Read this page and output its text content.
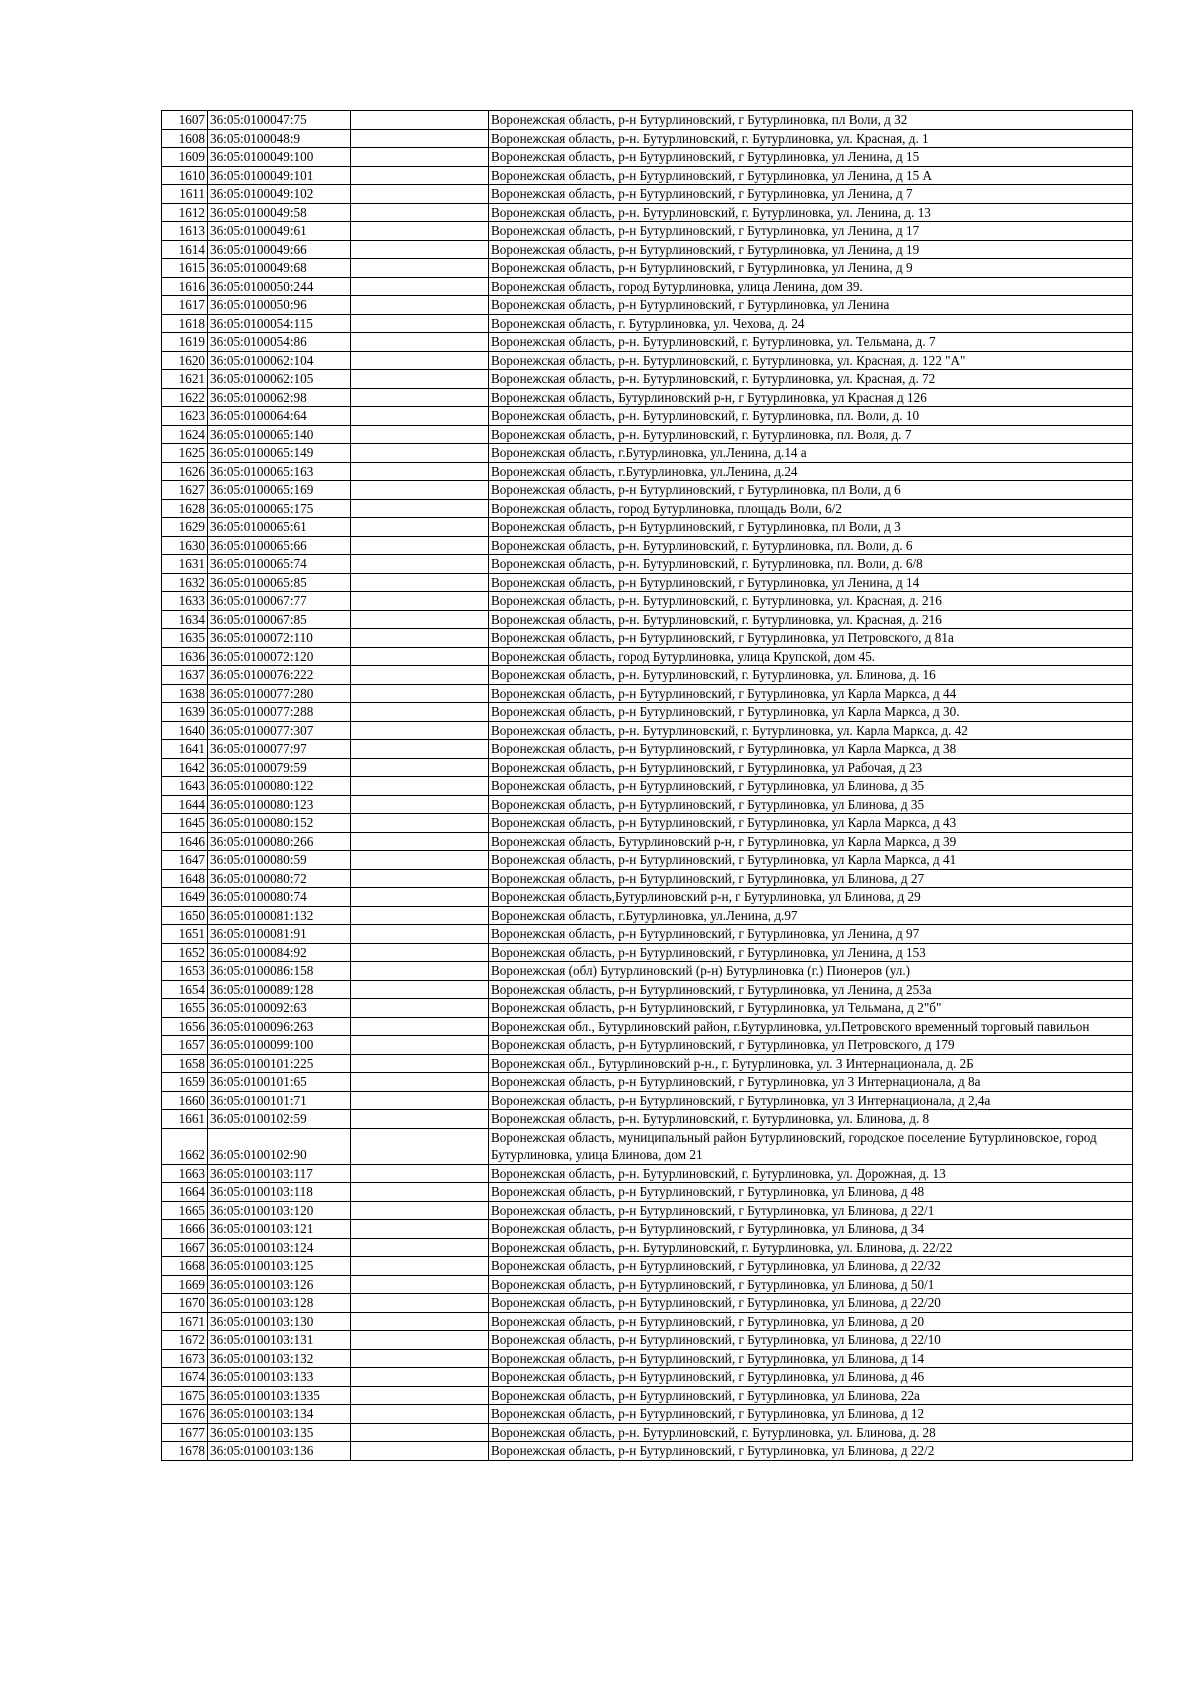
1607	36:05:0100047:75		Воронежская область, р-н Бутурлиновский, г Бутурлиновка, пл Воли, д 32
1608	36:05:0100048:9		Воронежская область, р-н. Бутурлиновский, г. Бутурлиновка, ул. Красная, д. 1
1609	36:05:0100049:100		Воронежская область, р-н Бутурлиновский, г Бутурлиновка, ул Ленина, д 15
1610	36:05:0100049:101		Воронежская область, р-н Бутурлиновский, г Бутурлиновка, ул Ленина, д 15 А
1611	36:05:0100049:102		Воронежская область, р-н Бутурлиновский, г Бутурлиновка, ул Ленина, д 7
1612	36:05:0100049:58		Воронежская область, р-н. Бутурлиновский, г. Бутурлиновка, ул. Ленина, д. 13
1613	36:05:0100049:61		Воронежская область, р-н Бутурлиновский, г Бутурлиновка, ул Ленина, д 17
1614	36:05:0100049:66		Воронежская область, р-н Бутурлиновский, г Бутурлиновка, ул Ленина, д 19
1615	36:05:0100049:68		Воронежская область, р-н Бутурлиновский, г Бутурлиновка, ул Ленина, д 9
1616	36:05:0100050:244		Воронежская область, город Бутурлиновка, улица Ленина, дом 39.
1617	36:05:0100050:96		Воронежская область, р-н Бутурлиновский, г Бутурлиновка, ул Ленина
1618	36:05:0100054:115		Воронежская область, г. Бутурлиновка, ул. Чехова, д. 24
1619	36:05:0100054:86		Воронежская область, р-н. Бутурлиновский, г. Бутурлиновка, ул. Тельмана, д. 7
1620	36:05:0100062:104		Воронежская область, р-н. Бутурлиновский, г. Бутурлиновка, ул. Красная, д. 122 "А"
1621	36:05:0100062:105		Воронежская область, р-н. Бутурлиновский, г. Бутурлиновка, ул. Красная, д. 72
1622	36:05:0100062:98		Воронежская область, Бутурлиновский р-н, г Бутурлиновка, ул Красная д 126
1623	36:05:0100064:64		Воронежская область, р-н. Бутурлиновский, г. Бутурлиновка, пл. Воли, д. 10
1624	36:05:0100065:140		Воронежская область, р-н. Бутурлиновский, г. Бутурлиновка, пл. Воля, д. 7
1625	36:05:0100065:149		Воронежская область, г.Бутурлиновка, ул.Ленина, д.14 а
1626	36:05:0100065:163		Воронежская область, г.Бутурлиновка, ул.Ленина, д.24
1627	36:05:0100065:169		Воронежская область, р-н Бутурлиновский, г Бутурлиновка, пл Воли, д 6
1628	36:05:0100065:175		Воронежская область, город Бутурлиновка, площадь Воли, 6/2
1629	36:05:0100065:61		Воронежская область, р-н Бутурлиновский, г Бутурлиновка, пл Воли, д 3
1630	36:05:0100065:66		Воронежская область, р-н. Бутурлиновский, г. Бутурлиновка, пл. Воли, д. 6
1631	36:05:0100065:74		Воронежская область, р-н. Бутурлиновский, г. Бутурлиновка, пл. Воли, д. 6/8
1632	36:05:0100065:85		Воронежская область, р-н Бутурлиновский, г Бутурлиновка, ул Ленина, д 14
1633	36:05:0100067:77		Воронежская область, р-н. Бутурлиновский, г. Бутурлиновка, ул. Красная, д. 216
1634	36:05:0100067:85		Воронежская область, р-н. Бутурлиновский, г. Бутурлиновка, ул. Красная, д. 216
1635	36:05:0100072:110		Воронежская область, р-н Бутурлиновский, г Бутурлиновка, ул Петровского, д 81а
1636	36:05:0100072:120		Воронежская область, город Бутурлиновка, улица Крупской, дом 45.
1637	36:05:0100076:222		Воронежская область, р-н. Бутурлиновский, г. Бутурлиновка, ул. Блинова, д. 16
1638	36:05:0100077:280		Воронежская область, р-н Бутурлиновский, г Бутурлиновка, ул Карла Маркса, д 44
1639	36:05:0100077:288		Воронежская область, р-н Бутурлиновский, г Бутурлиновка, ул Карла Маркса, д 30.
1640	36:05:0100077:307		Воронежская область, р-н. Бутурлиновский, г. Бутурлиновка, ул. Карла Маркса, д. 42
1641	36:05:0100077:97		Воронежская область, р-н Бутурлиновский, г Бутурлиновка, ул Карла Маркса, д 38
1642	36:05:0100079:59		Воронежская область, р-н Бутурлиновский, г Бутурлиновка, ул Рабочая, д 23
1643	36:05:0100080:122		Воронежская область, р-н Бутурлиновский, г Бутурлиновка, ул Блинова, д 35
1644	36:05:0100080:123		Воронежская область, р-н Бутурлиновский, г Бутурлиновка, ул Блинова, д 35
1645	36:05:0100080:152		Воронежская область, р-н Бутурлиновский, г Бутурлиновка, ул Карла Маркса, д 43
1646	36:05:0100080:266		Воронежская область, Бутурлиновский р-н, г Бутурлиновка, ул Карла Маркса, д 39
1647	36:05:0100080:59		Воронежская область, р-н Бутурлиновский, г Бутурлиновка, ул Карла Маркса, д 41
1648	36:05:0100080:72		Воронежская область, р-н Бутурлиновский, г Бутурлиновка, ул Блинова, д 27
1649	36:05:0100080:74		Воронежская область,Бутурлиновский р-н, г Бутурлиновка, ул Блинова, д 29
1650	36:05:0100081:132		Воронежская область, г.Бутурлиновка, ул.Ленина, д.97
1651	36:05:0100081:91		Воронежская область, р-н Бутурлиновский, г Бутурлиновка, ул Ленина, д 97
1652	36:05:0100084:92		Воронежская область, р-н Бутурлиновский, г Бутурлиновка, ул Ленина, д 153
1653	36:05:0100086:158		Воронежская (обл) Бутурлиновский (р-н) Бутурлиновка (г.) Пионеров (ул.)
1654	36:05:0100089:128		Воронежская область, р-н Бутурлиновский, г Бутурлиновка, ул Ленина, д 253а
1655	36:05:0100092:63		Воронежская область, р-н Бутурлиновский, г Бутурлиновка, ул Тельмана, д 2"б"
1656	36:05:0100096:263		Воронежская обл., Бутурлиновский район, г.Бутурлиновка, ул.Петровского временный торговый павильон
1657	36:05:0100099:100		Воронежская область, р-н Бутурлиновский, г Бутурлиновка, ул Петровского, д 179
1658	36:05:0100101:225		Воронежская обл., Бутурлиновский р-н., г. Бутурлиновка, ул. 3 Интернационала, д. 2Б
1659	36:05:0100101:65		Воронежская область, р-н Бутурлиновский, г Бутурлиновка, ул 3 Интернационала, д 8а
1660	36:05:0100101:71		Воронежская область, р-н Бутурлиновский, г Бутурлиновка, ул 3 Интернационала, д 2,4а
1661	36:05:0100102:59		Воронежская область, р-н. Бутурлиновский, г. Бутурлиновка, ул. Блинова, д. 8
1662	36:05:0100102:90		Воронежская область, муниципальный район Бутурлиновский, городское поселение Бутурлиновское, город Бутурлиновка, улица Блинова, дом 21
1663	36:05:0100103:117		Воронежская область, р-н. Бутурлиновский, г. Бутурлиновка, ул. Дорожная, д. 13
1664	36:05:0100103:118		Воронежская область, р-н Бутурлиновский, г Бутурлиновка, ул Блинова, д 48
1665	36:05:0100103:120		Воронежская область, р-н Бутурлиновский, г Бутурлиновка, ул Блинова, д 22/1
1666	36:05:0100103:121		Воронежская область, р-н Бутурлиновский, г Бутурлиновка, ул Блинова, д 34
1667	36:05:0100103:124		Воронежская область, р-н. Бутурлиновский, г. Бутурлиновка, ул. Блинова, д. 22/22
1668	36:05:0100103:125		Воронежская область, р-н Бутурлиновский, г Бутурлиновка, ул Блинова, д 22/32
1669	36:05:0100103:126		Воронежская область, р-н Бутурлиновский, г Бутурлиновка, ул Блинова, д 50/1
1670	36:05:0100103:128		Воронежская область, р-н Бутурлиновский, г Бутурлиновка, ул Блинова, д 22/20
1671	36:05:0100103:130		Воронежская область, р-н Бутурлиновский, г Бутурлиновка, ул Блинова, д 20
1672	36:05:0100103:131		Воронежская область, р-н Бутурлиновский, г Бутурлиновка, ул Блинова, д 22/10
1673	36:05:0100103:132		Воронежская область, р-н Бутурлиновский, г Бутурлиновка, ул Блинова, д 14
1674	36:05:0100103:133		Воронежская область, р-н Бутурлиновский, г Бутурлиновка, ул Блинова, д 46
1675	36:05:0100103:1335		Воронежская область, р-н Бутурлиновский, г Бутурлиновка, ул Блинова, 22а
1676	36:05:0100103:134		Воронежская область, р-н Бутурлиновский, г Бутурлиновка, ул Блинова, д 12
1677	36:05:0100103:135		Воронежская область, р-н. Бутурлиновский, г. Бутурлиновка, ул. Блинова, д. 28
1678	36:05:0100103:136		Воронежская область, р-н Бутурлиновский, г Бутурлиновка, ул Блинова, д 22/2
